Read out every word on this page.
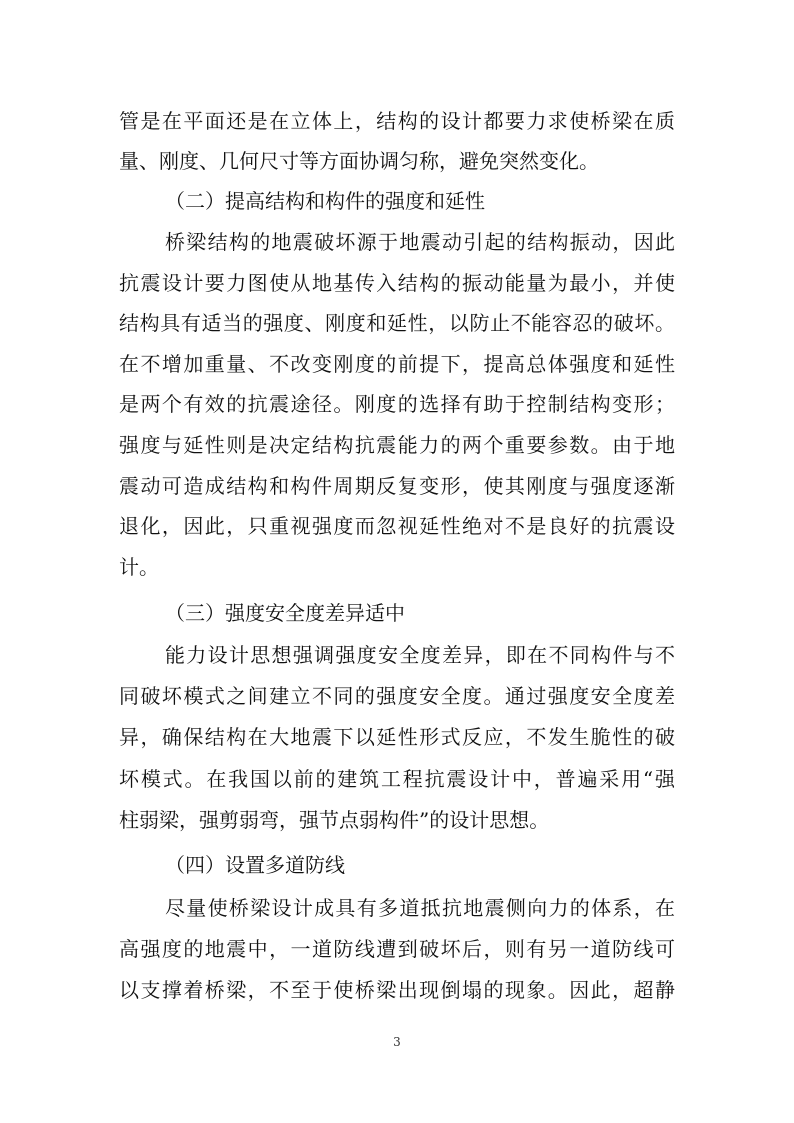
管是在平面还是在立体上，结构的设计都要力求使桥梁在质
量、刚度、几何尺寸等方面协调匀称，避免突然变化。
（二）提高结构和构件的强度和延性
桥梁结构的地震破坏源于地震动引起的结构振动，因此
抗震设计要力图使从地基传入结构的振动能量为最小，并使
结构具有适当的强度、刚度和延性，以防止不能容忍的破坏。
在不增加重量、不改变刚度的前提下，提高总体强度和延性
是两个有效的抗震途径。刚度的选择有助于控制结构变形；
强度与延性则是决定结构抗震能力的两个重要参数。由于地
震动可造成结构和构件周期反复变形，使其刚度与强度逐渐
退化，因此，只重视强度而忽视延性绝对不是良好的抗震设
计。
（三）强度安全度差异适中
能力设计思想强调强度安全度差异，即在不同构件与不
同破坏模式之间建立不同的强度安全度。通过强度安全度差
异，确保结构在大地震下以延性形式反应，不发生脆性的破
坏模式。在我国以前的建筑工程抗震设计中，普遍采用“强
柱弱梁，强剪弱弯，强节点弱构件”的设计思想。
（四）设置多道防线
尽量使桥梁设计成具有多道抵抗地震侧向力的体系，在
高强度的地震中，一道防线遭到破坏后，则有另一道防线可
以支撑着桥梁，不至于使桥梁出现倒塌的现象。因此，超静
3
